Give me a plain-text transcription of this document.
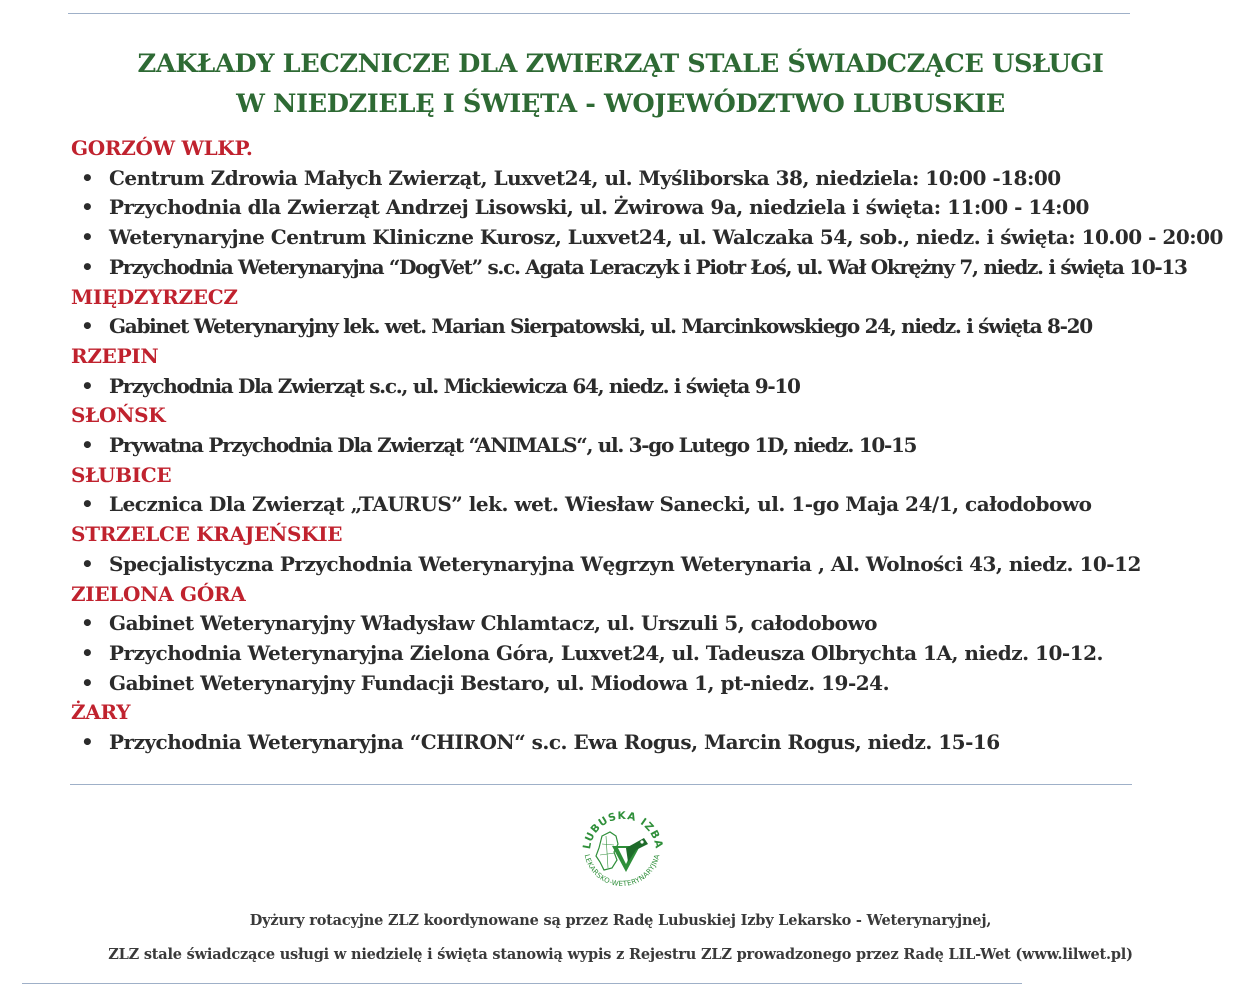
ZAKŁADY LECZNICZE DLA ZWIERZĄT STALE ŚWIADCZĄCE USŁUGI
W NIEDZIELĘ I ŚWIĘTA - WOJEWÓDZTWO LUBUSKIE
GORZÓW WLKP.
• Centrum Zdrowia Małych Zwierząt, Luxvet24, ul. Myśliborska 38, niedziela: 10:00 -18:00
• Przychodnia dla Zwierząt Andrzej Lisowski, ul. Żwirowa 9a, niedziela i święta: 11:00 - 14:00
• Weterynaryjne Centrum Kliniczne Kurosz, Luxvet24, ul. Walczaka 54, sob., niedz. i święta: 10.00 - 20:00
• Przychodnia Weterynaryjna “DogVet” s.c. Agata Leraczyk i Piotr Łoś, ul. Wał Okrężny 7, niedz. i święta 10-13
MIĘDZYRZECZ
• Gabinet Weterynaryjny lek. wet. Marian Sierpatowski, ul. Marcinkowskiego 24, niedz. i święta 8-20
RZEPIN
• Przychodnia Dla Zwierząt s.c., ul. Mickiewicza 64, niedz. i święta 9-10
SŁOŃSK
• Prywatna Przychodnia Dla Zwierząt “ANIMALS“, ul. 3-go Lutego 1D, niedz. 10-15
SŁUBICE
• Lecznica Dla Zwierząt „TAURUS” lek. wet. Wiesław Sanecki, ul. 1-go Maja 24/1, całodobowo
STRZELCE KRAJEŃSKIE
• Specjalistyczna Przychodnia Weterynaryjna Węgrzyn Weterynaria , Al. Wolności 43, niedz. 10-12
ZIELONA GÓRA
• Gabinet Weterynaryjny Władysław Chlamtacz, ul. Urszuli 5, całodobowo
• Przychodnia Weterynaryjna Zielona Góra, Luxvet24, ul. Tadeusza Olbrychta 1A, niedz. 10-12.
• Gabinet Weterynaryjny Fundacji Bestaro, ul. Miodowa 1, pt-niedz. 19-24.
ŻARY
• Przychodnia Weterynaryjna “CHIRON“ s.c. Ewa Rogus, Marcin Rogus, niedz. 15-16
LUBUSKA IZBA
LEKARSKO-WETERYNARYJNA
Dyżury rotacyjne ZLZ koordynowane są przez Radę Lubuskiej Izby Lekarsko - Weterynaryjnej,
ZLZ stale świadczące usługi w niedzielę i święta stanowią wypis z Rejestru ZLZ prowadzonego przez Radę LIL-Wet (www.lilwet.pl)
